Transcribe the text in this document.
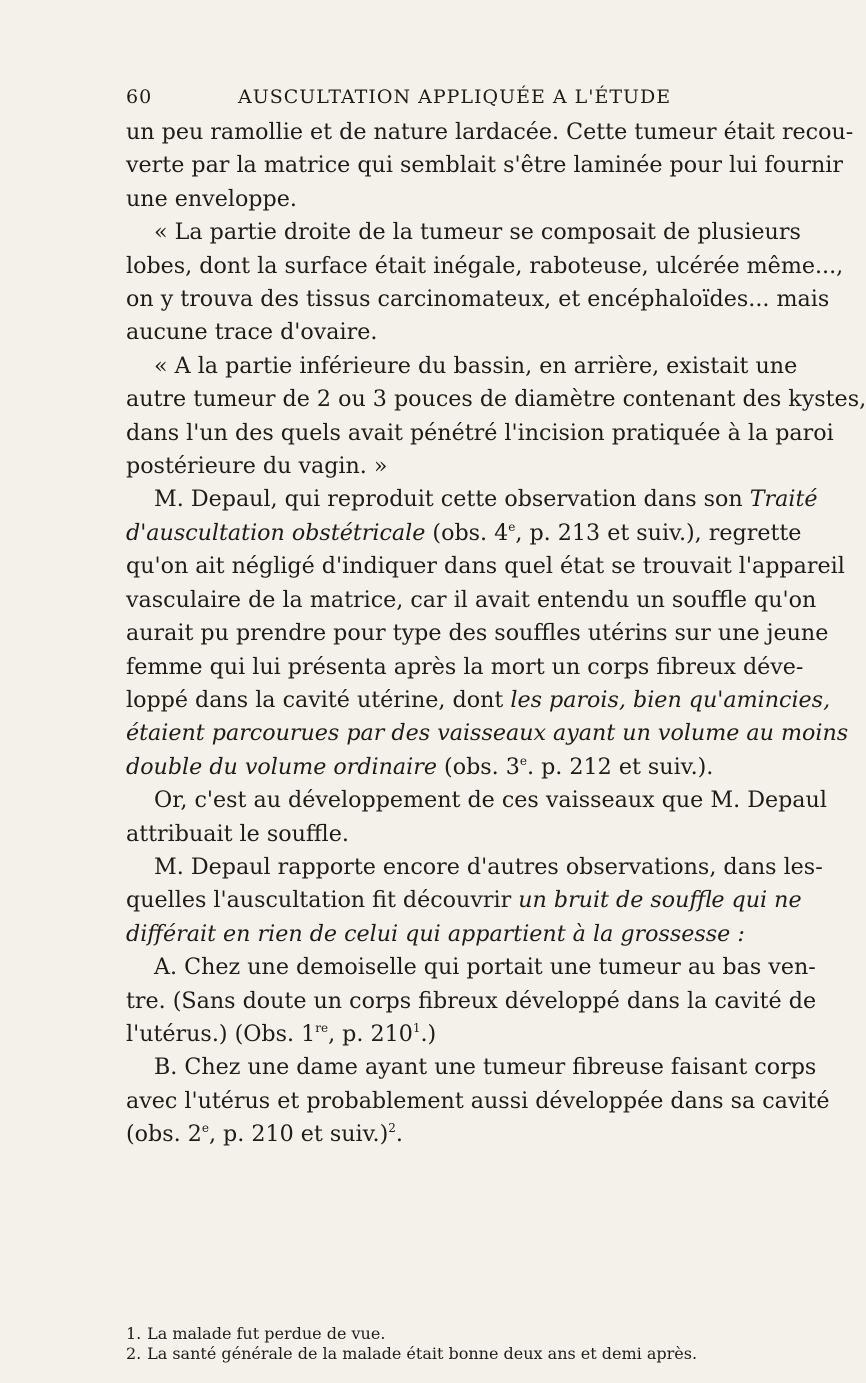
60	AUSCULTATION APPLIQUÉE A L'ÉTUDE

un peu ramollie et de nature lardacée. Cette tumeur était recou-
verte par la matrice qui semblait s'être laminée pour lui fournir
une enveloppe.

« La partie droite de la tumeur se composait de plusieurs
lobes, dont la surface était inégale, raboteuse, ulcérée même...,
on y trouva des tissus carcinomateux, et encéphaloïdes... mais
aucune trace d'ovaire.

« A la partie inférieure du bassin, en arrière, existait une
autre tumeur de 2 ou 3 pouces de diamètre contenant des kystes,
dans l'un des quels avait pénétré l'incision pratiquée à la paroi
postérieure du vagin. »

M. Depaul, qui reproduit cette observation dans son Traité
d'auscultation obstétricale (obs. 4e, p. 213 et suiv.), regrette
qu'on ait négligé d'indiquer dans quel état se trouvait l'appareil
vasculaire de la matrice, car il avait entendu un souffle qu'on
aurait pu prendre pour type des souffles utérins sur une jeune
femme qui lui présenta après la mort un corps fibreux déve-
loppé dans la cavité utérine, dont les parois, bien qu'amincies,
étaient parcourues par des vaisseaux ayant un volume au moins
double du volume ordinaire (obs. 3e. p. 212 et suiv.).

Or, c'est au développement de ces vaisseaux que M. Depaul
attribuait le souffle.

M. Depaul rapporte encore d'autres observations, dans les-
quelles l'auscultation fit découvrir un bruit de souffle qui ne
différait en rien de celui qui appartient à la grossesse :

A. Chez une demoiselle qui portait une tumeur au bas ven-
tre. (Sans doute un corps fibreux développé dans la cavité de
l'utérus.) (Obs. 1re, p. $210^1$.)

B. Chez une dame ayant une tumeur fibreuse faisant corps
avec l'utérus et probablement aussi développée dans sa cavité
(obs. 2e, p. 210 et suiv.)$^2$.

1. La malade fut perdue de vue.
2. La santé générale de la malade était bonne deux ans et demi après.
